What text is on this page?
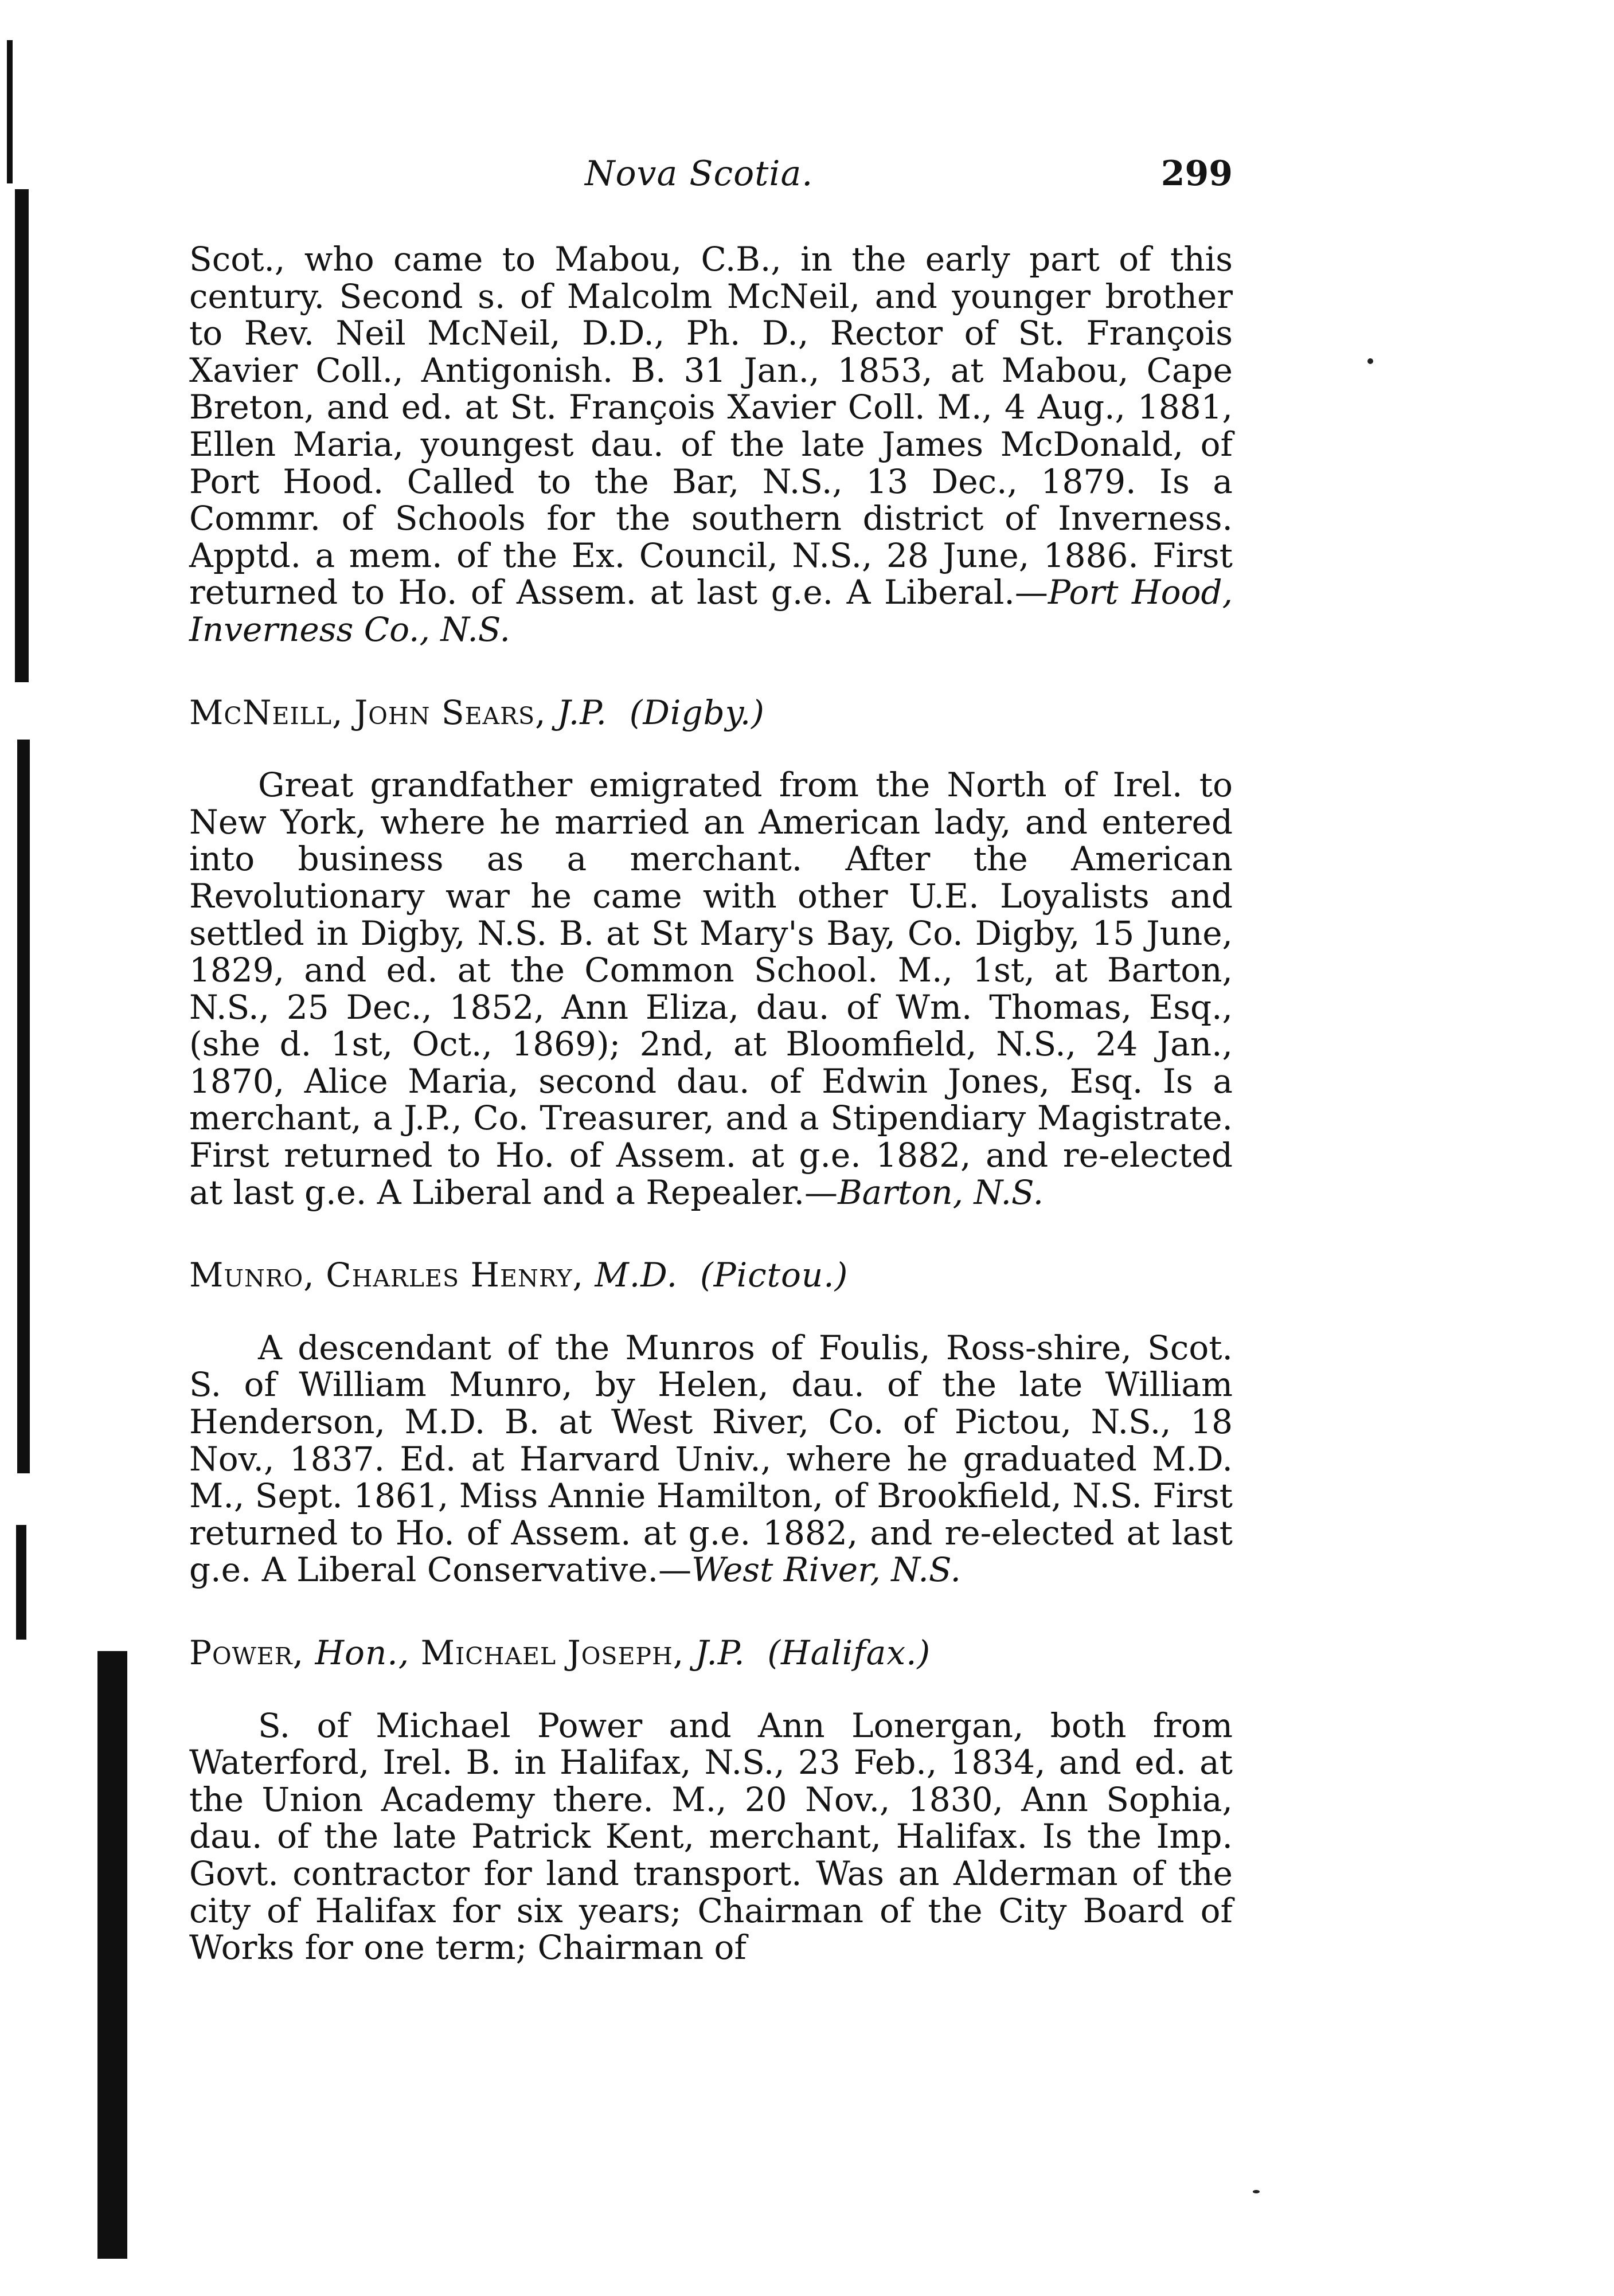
Nova Scotia.	299

Scot., who came to Mabou, C.B., in the early part of this century. Second s. of Malcolm McNeil, and younger brother to Rev. Neil McNeil, D.D., Ph. D., Rector of St. François Xavier Coll., Antigonish. B. 31 Jan., 1853, at Mabou, Cape Breton, and ed. at St. François Xavier Coll. M., 4 Aug., 1881, Ellen Maria, youngest dau. of the late James McDonald, of Port Hood. Called to the Bar, N.S., 13 Dec., 1879. Is a Commr. of Schools for the southern district of Inverness. Apptd. a mem. of the Ex. Council, N.S., 28 June, 1886. First returned to Ho. of Assem. at last g.e. A Liberal.—Port Hood, Inverness Co., N.S.

McNeill, John Sears, J.P. (Digby.)

Great grandfather emigrated from the North of Irel. to New York, where he married an American lady, and entered into business as a merchant. After the American Revolutionary war he came with other U.E. Loyalists and settled in Digby, N.S. B. at St Mary's Bay, Co. Digby, 15 June, 1829, and ed. at the Common School. M., 1st, at Barton, N.S., 25 Dec., 1852, Ann Eliza, dau. of Wm. Thomas, Esq., (she d. 1st, Oct., 1869); 2nd, at Bloomfield, N.S., 24 Jan., 1870, Alice Maria, second dau. of Edwin Jones, Esq. Is a merchant, a J.P., Co. Treasurer, and a Stipendiary Magistrate. First returned to Ho. of Assem. at g.e. 1882, and re-elected at last g.e. A Liberal and a Repealer.—Barton, N.S.

Munro, Charles Henry, M.D. (Pictou.)

A descendant of the Munros of Foulis, Ross-shire, Scot. S. of William Munro, by Helen, dau. of the late William Henderson, M.D. B. at West River, Co. of Pictou, N.S., 18 Nov., 1837. Ed. at Harvard Univ., where he graduated M.D. M., Sept. 1861, Miss Annie Hamilton, of Brookfield, N.S. First returned to Ho. of Assem. at g.e. 1882, and re-elected at last g.e. A Liberal Conservative.—West River, N.S.

Power, Hon., Michael Joseph, J.P. (Halifax.)

S. of Michael Power and Ann Lonergan, both from Waterford, Irel. B. in Halifax, N.S., 23 Feb., 1834, and ed. at the Union Academy there. M., 20 Nov., 1830, Ann Sophia, dau. of the late Patrick Kent, merchant, Halifax. Is the Imp. Govt. contractor for land transport. Was an Alderman of the city of Halifax for six years; Chairman of the City Board of Works for one term; Chairman of
